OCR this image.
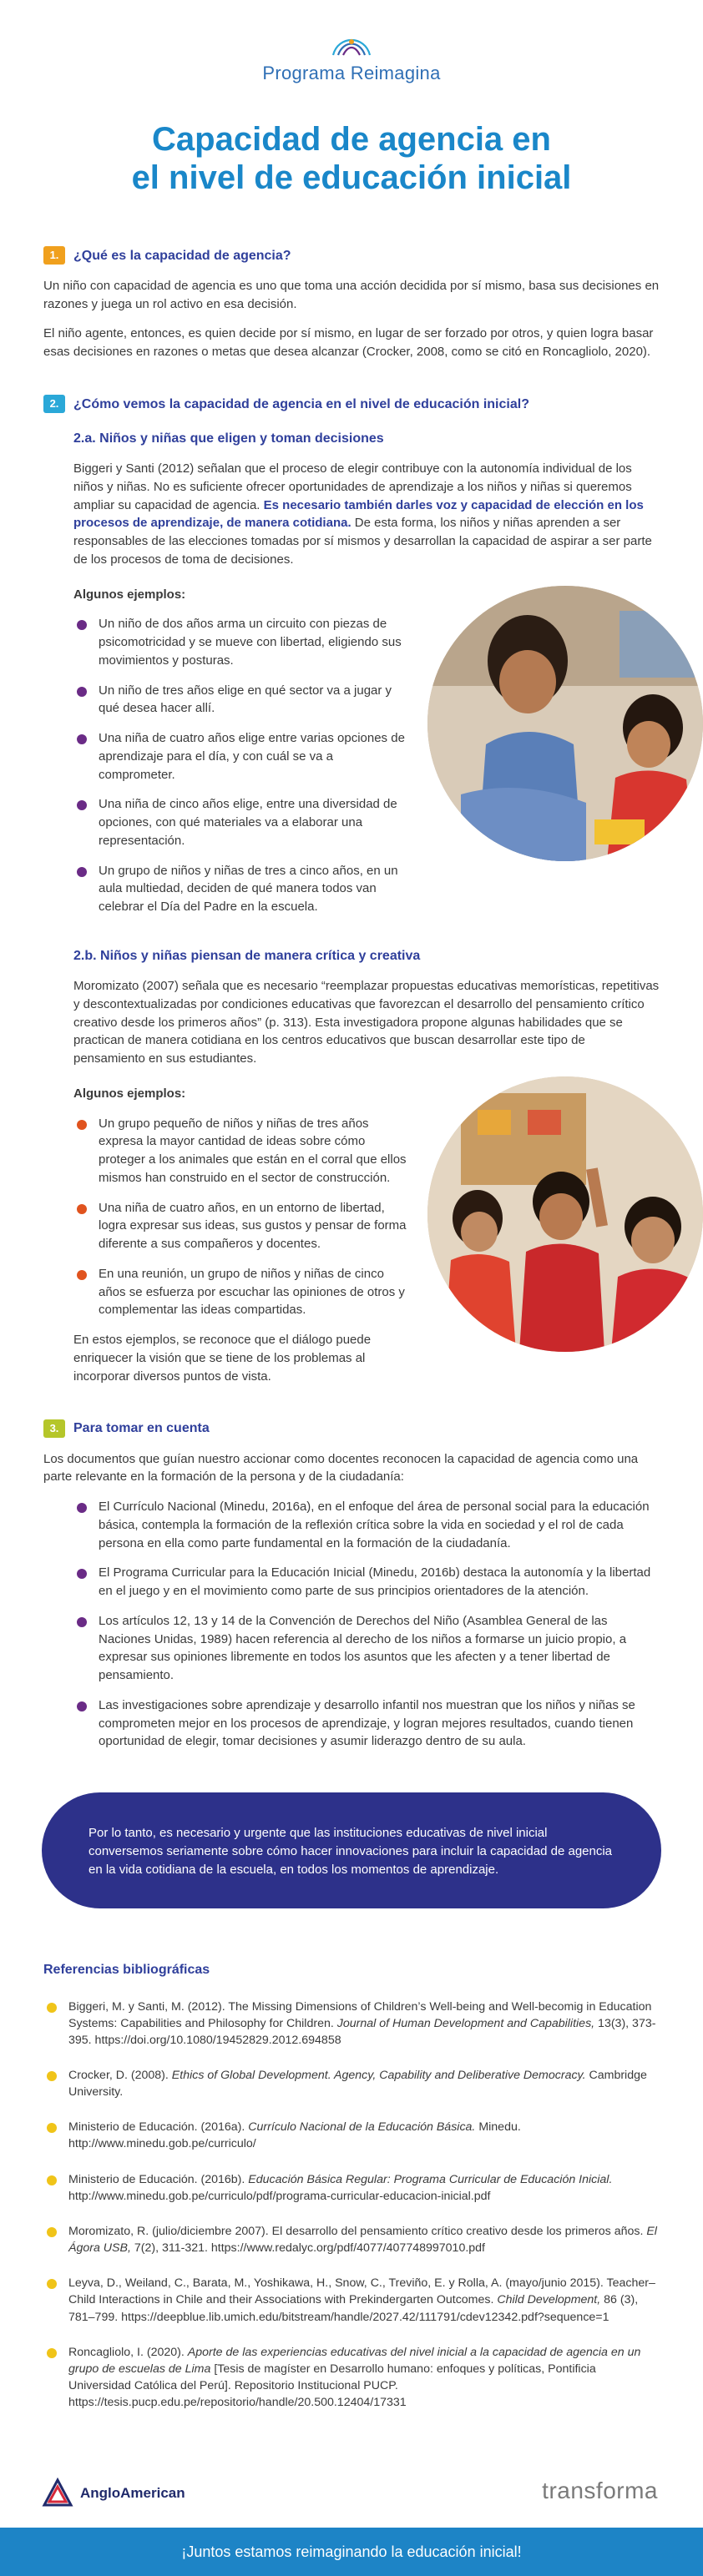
Programa Reimagina
Capacidad de agencia en
el nivel de educación inicial
1.	¿Qué es la capacidad de agencia?

Un niño con capacidad de agencia es uno que toma una acción decidida por sí mismo, basa sus decisiones en razones y juega un rol activo en esa decisión.

El niño agente, entonces, es quien decide por sí mismo, en lugar de ser forzado por otros, y quien logra basar esas decisiones en razones o metas que desea alcanzar (Crocker, 2008, como se citó en Roncagliolo, 2020).

2.	¿Cómo vemos la capacidad de agencia en el nivel de educación inicial?
2.a. Niños y niñas que eligen y toman decisiones

Biggeri y Santi (2012) señalan que el proceso de elegir contribuye con la autonomía individual de los niños y niñas. No es suficiente ofrecer oportunidades de aprendizaje a los niños y niñas si queremos ampliar su capacidad de agencia. Es necesario también darles voz y capacidad de elección en los procesos de aprendizaje, de manera cotidiana. De esta forma, los niños y niñas aprenden a ser responsables de las elecciones tomadas por sí mismos y desarrollan la capacidad de aspirar a ser parte de los procesos de toma de decisiones.

Algunos ejemplos:
Un niño de dos años arma un circuito con piezas de psicomotricidad y se mueve con libertad, eligiendo sus movimientos y posturas.
Un niño de tres años elige en qué sector va a jugar y qué desea hacer allí.
Una niña de cuatro años elige entre varias opciones de aprendizaje para el día, y con cuál se va a comprometer.
Una niña de cinco años elige, entre una diversidad de opciones, con qué materiales va a elaborar una representación.
Un grupo de niños y niñas de tres a cinco años, en un aula multiedad, deciden de qué manera todos van celebrar el Día del Padre en la escuela.
2.b. Niños y niñas piensan de manera crítica y creativa

Moromizato (2007) señala que es necesario “reemplazar propuestas educativas memorísticas, repetitivas y descontextualizadas por condiciones educativas que favorezcan el desarrollo del pensamiento crítico creativo desde los primeros años” (p. 313). Esta investigadora propone algunas habilidades que se practican de manera cotidiana en los centros educativos que buscan desarrollar este tipo de pensamiento en sus estudiantes.

Algunos ejemplos:
Un grupo pequeño de niños y niñas de tres años expresa la mayor cantidad de ideas sobre cómo proteger a los animales que están en el corral que ellos mismos han construido en el sector de construcción.
Una niña de cuatro años, en un entorno de libertad, logra expresar sus ideas, sus gustos y pensar de forma diferente a sus compañeros y docentes.
En una reunión, un grupo de niños y niñas de cinco años se esfuerza por escuchar las opiniones de otros y complementar las ideas compartidas.

En estos ejemplos, se reconoce que el diálogo puede enriquecer la visión que se tiene de los problemas al incorporar diversos puntos de vista.

3.	Para tomar en cuenta

Los documentos que guían nuestro accionar como docentes reconocen la capacidad de agencia como una parte relevante en la formación de la persona y de la ciudadanía:

El Currículo Nacional (Minedu, 2016a), en el enfoque del área de personal social para la educación básica, contempla la formación de la reflexión crítica sobre la vida en sociedad y el rol de cada persona en ella como parte fundamental en la formación de la ciudadanía.
El Programa Curricular para la Educación Inicial (Minedu, 2016b) destaca la autonomía y la libertad en el juego y en el movimiento como parte de sus principios orientadores de la atención.
Los artículos 12, 13 y 14 de la Convención de Derechos del Niño (Asamblea General de las Naciones Unidas, 1989) hacen referencia al derecho de los niños a formarse un juicio propio, a expresar sus opiniones libremente en todos los asuntos que les afecten y a tener libertad de pensamiento.
Las investigaciones sobre aprendizaje y desarrollo infantil nos muestran que los niños y niñas se comprometen mejor en los procesos de aprendizaje, y logran mejores resultados, cuando tienen oportunidad de elegir, tomar decisiones y asumir liderazgo dentro de su aula.
Por lo tanto, es necesario y urgente que las instituciones educativas de nivel inicial conversemos seriamente sobre cómo hacer innovaciones para incluir la capacidad de agencia en la vida cotidiana de la escuela, en todos los momentos de aprendizaje.
Referencias bibliográficas
Biggeri, M. y Santi, M. (2012). The Missing Dimensions of Children’s Well-being and Well-becomig in Education Systems: Capabilities and Philosophy for Children. Journal of Human Development and Capabilities, 13(3), 373-395. https://doi.org/10.1080/19452829.2012.694858
Crocker, D. (2008). Ethics of Global Development. Agency, Capability and Deliberative Democracy. Cambridge University.
Ministerio de Educación. (2016a). Currículo Nacional de la Educación Básica. Minedu. http://www.minedu.gob.pe/curriculo/
Ministerio de Educación. (2016b). Educación Básica Regular: Programa Curricular de Educación Inicial. http://www.minedu.gob.pe/curriculo/pdf/programa-curricular-educacion-inicial.pdf
Moromizato, R. (julio/diciembre 2007). El desarrollo del pensamiento crítico creativo desde los primeros años. El Ágora USB, 7(2), 311-321. https://www.redalyc.org/pdf/4077/407748997010.pdf
Leyva, D., Weiland, C., Barata, M., Yoshikawa, H., Snow, C., Treviño, E. y Rolla, A. (mayo/junio 2015). Teacher–Child Interactions in Chile and their Associations with Prekindergarten Outcomes. Child Development, 86 (3), 781–799. https://deepblue.lib.umich.edu/bitstream/handle/2027.42/111791/cdev12342.pdf?sequence=1
Roncagliolo, I. (2020). Aporte de las experiencias educativas del nivel inicial a la capacidad de agencia en un grupo de escuelas de Lima [Tesis de magíster en Desarrollo humano: enfoques y políticas, Pontificia Universidad Católica del Perú]. Repositorio Institucional PUCP. https://tesis.pucp.edu.pe/repositorio/handle/20.500.12404/17331
AngloAmerican	transforma
¡Juntos estamos reimaginando la educación inicial!
